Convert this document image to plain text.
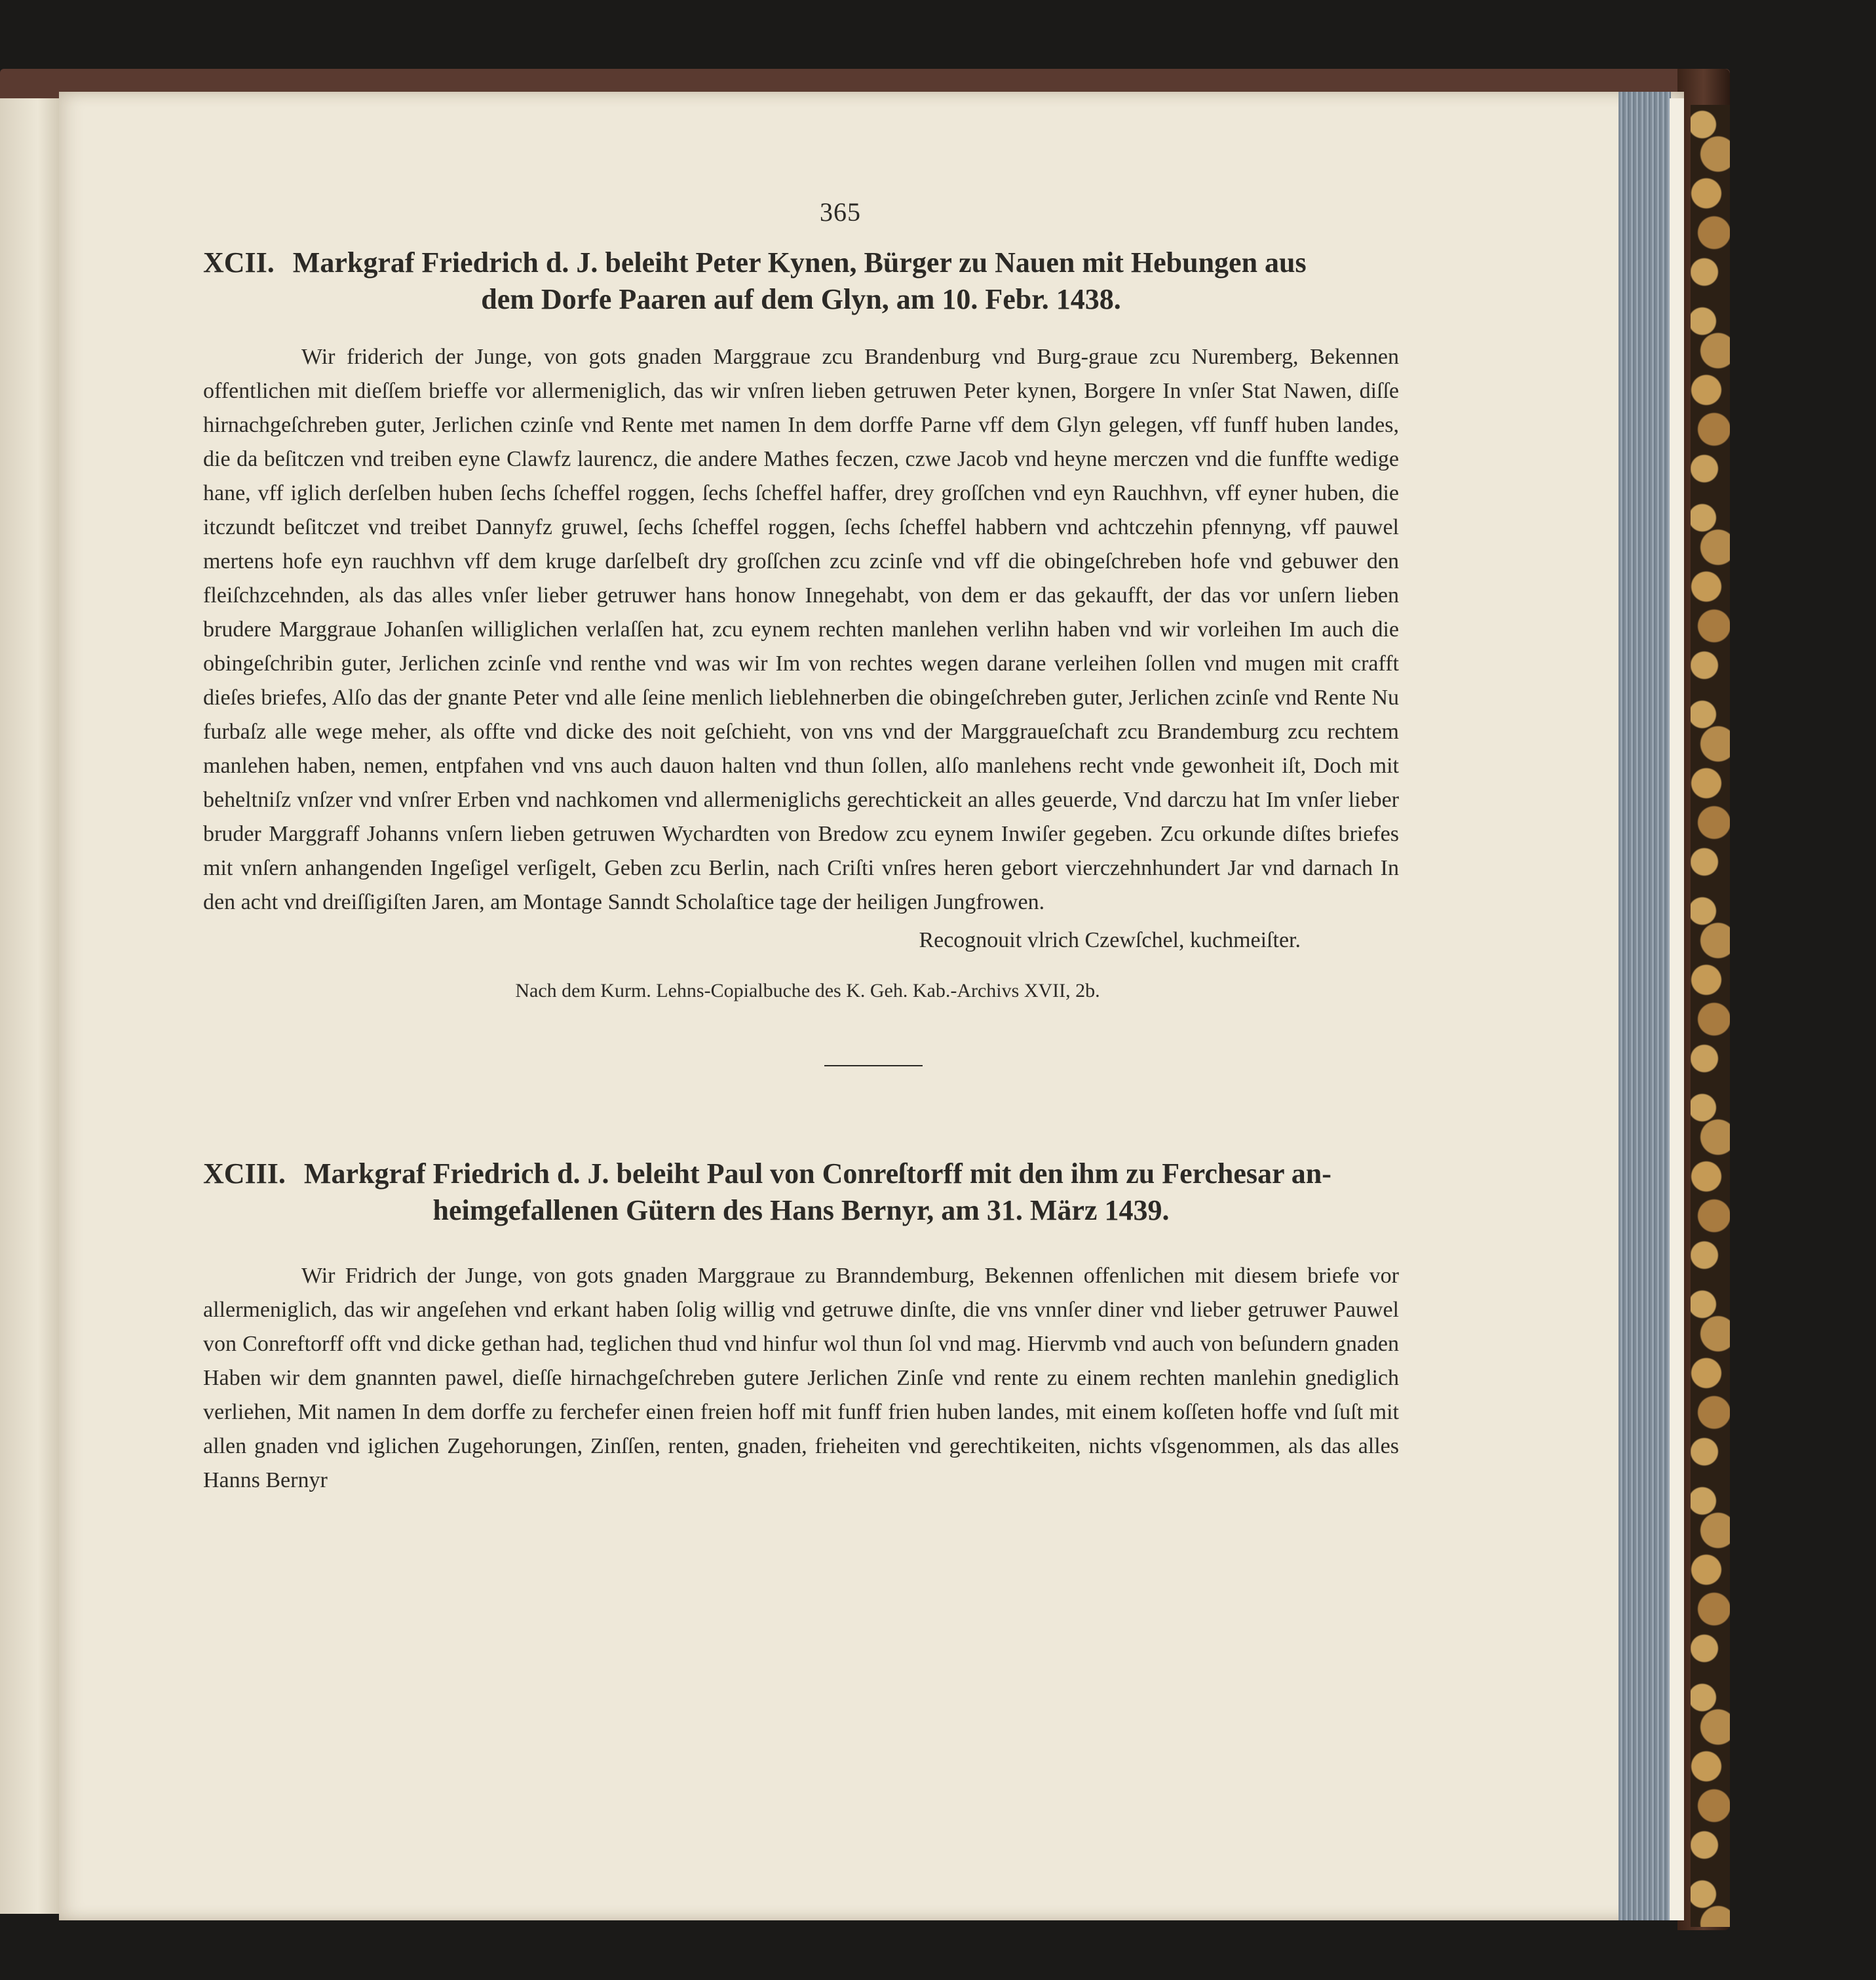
365
XCII. Markgraf Friedrich d. J. beleiht Peter Kynen, Bürger zu Nauen mit Hebungen aus
dem Dorfe Paaren auf dem Glyn, am 10. Febr. 1438.

Wir friderich der Junge, von gots gnaden Marggraue zcu Brandenburg vnd Burg-graue zcu Nuremberg, Bekennen offentlichen mit dieſſem brieffe vor allermeniglich, das wir vnſren lieben getruwen Peter kynen, Borgere In vnſer Stat Nawen, diſſe hirnachgeſchreben guter, Jerlichen czinſe vnd Rente met namen In dem dorffe Parne vff dem Glyn gelegen, vff funff huben landes, die da beſitczen vnd treiben eyne Clawfz laurencz, die andere Mathes feczen, czwe Jacob vnd heyne merczen vnd die funffte wedige hane, vff iglich derſelben huben ſechs ſcheffel roggen, ſechs ſcheffel haffer, drey groſſchen vnd eyn Rauchhvn, vff eyner huben, die itczundt beſitczet vnd treibet Dannyfz gruwel, ſechs ſcheffel roggen, ſechs ſcheffel habbern vnd achtczehin pfennyng, vff pauwel mertens hofe eyn rauchhvn vff dem kruge darſelbeſt dry groſſchen zcu zcinſe vnd vff die obingeſchreben hofe vnd gebuwer den fleiſchzcehnden, als das alles vnſer lieber getruwer hans honow Innegehabt, von dem er das gekaufft, der das vor unſern lieben brudere Marggraue Johanſen williglichen verlaſſen hat, zcu eynem rechten manlehen verlihn haben vnd wir vorleihen Im auch die obingeſchribin guter, Jerlichen zcinſe vnd renthe vnd was wir Im von rechtes wegen darane verleihen ſollen vnd mugen mit crafft dieſes briefes, Alſo das der gnante Peter vnd alle ſeine menlich lieblehnerben die obingeſchreben guter, Jerlichen zcinſe vnd Rente Nu furbaſz alle wege meher, als offte vnd dicke des noit geſchieht, von vns vnd der Marggraueſchaft zcu Brandemburg zcu rechtem manlehen haben, nemen, entpfahen vnd vns auch dauon halten vnd thun ſollen, alſo manlehens recht vnde gewonheit iſt, Doch mit beheltniſz vnſzer vnd vnſrer Erben vnd nachkomen vnd allermeniglichs gerechtickeit an alles geuerde, Vnd darczu hat Im vnſer lieber bruder Marggraff Johanns vnſern lieben getruwen Wychardten von Bredow zcu eynem Inwiſer gegeben. Zcu orkunde diſtes briefes mit vnſern anhangenden Ingeſigel verſigelt, Geben zcu Berlin, nach Criſti vnſres heren gebort vierczehnhundert Jar vnd darnach In den acht vnd dreiſſigiſten Jaren, am Montage Sanndt Scholaſtice tage der heiligen Jungfrowen.

Recognouit vlrich Czewſchel, kuchmeiſter.
Nach dem Kurm. Lehns-Copialbuche des K. Geh. Kab.-Archivs XVII, 2b.
XCIII. Markgraf Friedrich d. J. beleiht Paul von Conreſtorff mit den ihm zu Ferchesar an-
heimgefallenen Gütern des Hans Bernyr, am 31. März 1439.

Wir Fridrich der Junge, von gots gnaden Marggraue zu Branndemburg, Bekennen offenlichen mit diesem briefe vor allermeniglich, das wir angeſehen vnd erkant haben ſolig willig vnd getruwe dinſte, die vns vnnſer diner vnd lieber getruwer Pauwel von Conreftorff offt vnd dicke gethan had, teglichen thud vnd hinfur wol thun ſol vnd mag. Hiervmb vnd auch von beſundern gnaden Haben wir dem gnannten pawel, dieſſe hirnachgeſchreben gutere Jerlichen Zinſe vnd rente zu einem rechten manlehin gnediglich verliehen, Mit namen In dem dorffe zu ferchefer einen freien hoff mit funff frien huben landes, mit einem koſſeten hoffe vnd ſuſt mit allen gnaden vnd iglichen Zugehorungen, Zinſſen, renten, gnaden, frieheiten vnd gerechtikeiten, nichts vſsgenommen, als das alles Hanns Bernyr
